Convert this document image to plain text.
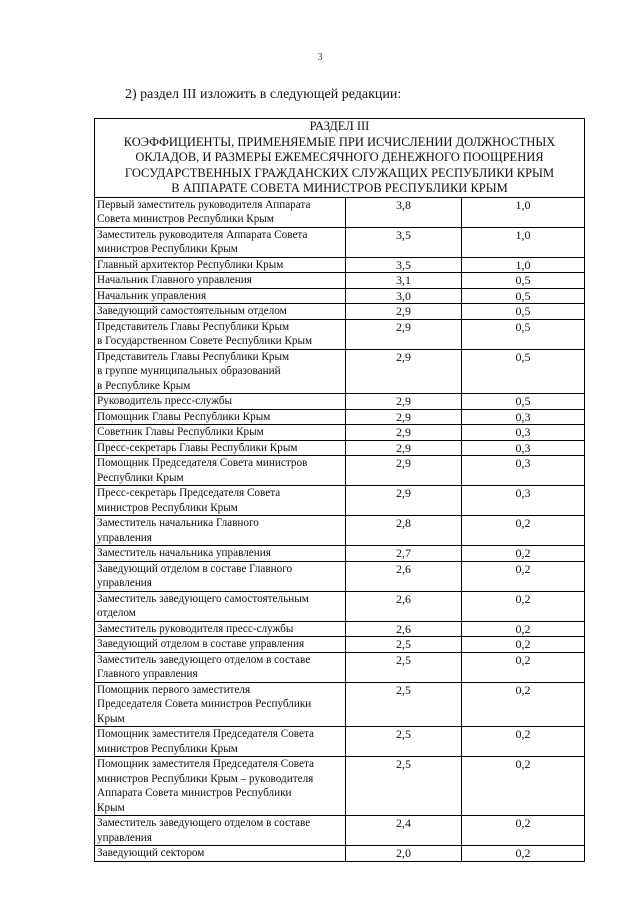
3
2) раздел III изложить в следующей редакции:
РАЗДЕЛ III
КОЭФФИЦИЕНТЫ, ПРИМЕНЯЕМЫЕ ПРИ ИСЧИСЛЕНИИ ДОЛЖНОСТНЫХ
ОКЛАДОВ, И РАЗМЕРЫ ЕЖЕМЕСЯЧНОГО ДЕНЕЖНОГО ПООЩРЕНИЯ
ГОСУДАРСТВЕННЫХ ГРАЖДАНСКИХ СЛУЖАЩИХ РЕСПУБЛИКИ КРЫМ
В АППАРАТЕ СОВЕТА МИНИСТРОВ РЕСПУБЛИКИ КРЫМ		

Первый заместитель руководителя Аппарата
Совета министров Республики Крым	3,8	1,0

Заместитель руководителя Аппарата Совета
министров Республики Крым	3,5	1,0

Главный архитектор Республики Крым	3,5	1,0

Начальник Главного управления	3,1	0,5

Начальник управления	3,0	0,5

Заведующий самостоятельным отделом	2,9	0,5

Представитель Главы Республики Крым
в Государственном Совете Республики Крым	2,9	0,5

Представитель Главы Республики Крым
в группе муниципальных образований
в Республике Крым	2,9	0,5

Руководитель пресс-службы	2,9	0,5

Помощник Главы Республики Крым	2,9	0,3

Советник Главы Республики Крым	2,9	0,3

Пресс-секретарь Главы Республики Крым	2,9	0,3

Помощник Председателя Совета министров
Республики Крым	2,9	0,3

Пресс-секретарь Председателя Совета
министров Республики Крым	2,9	0,3

Заместитель начальника Главного
управления	2,8	0,2

Заместитель начальника управления	2,7	0,2

Заведующий отделом в составе Главного
управления	2,6	0,2

Заместитель заведующего самостоятельным
отделом	2,6	0,2

Заместитель руководителя пресс-службы	2,6	0,2

Заведующий отделом в составе управления	2,5	0,2

Заместитель заведующего отделом в составе
Главного управления	2,5	0,2

Помощник первого заместителя
Председателя Совета министров Республики
Крым	2,5	0,2

Помощник заместителя Председателя Совета
министров Республики Крым	2,5	0,2

Помощник заместителя Председателя Совета
министров Республики Крым – руководителя
Аппарата Совета министров Республики
Крым	2,5	0,2

Заместитель заведующего отделом в составе
управления	2,4	0,2

Заведующий сектором	2,0	0,2
